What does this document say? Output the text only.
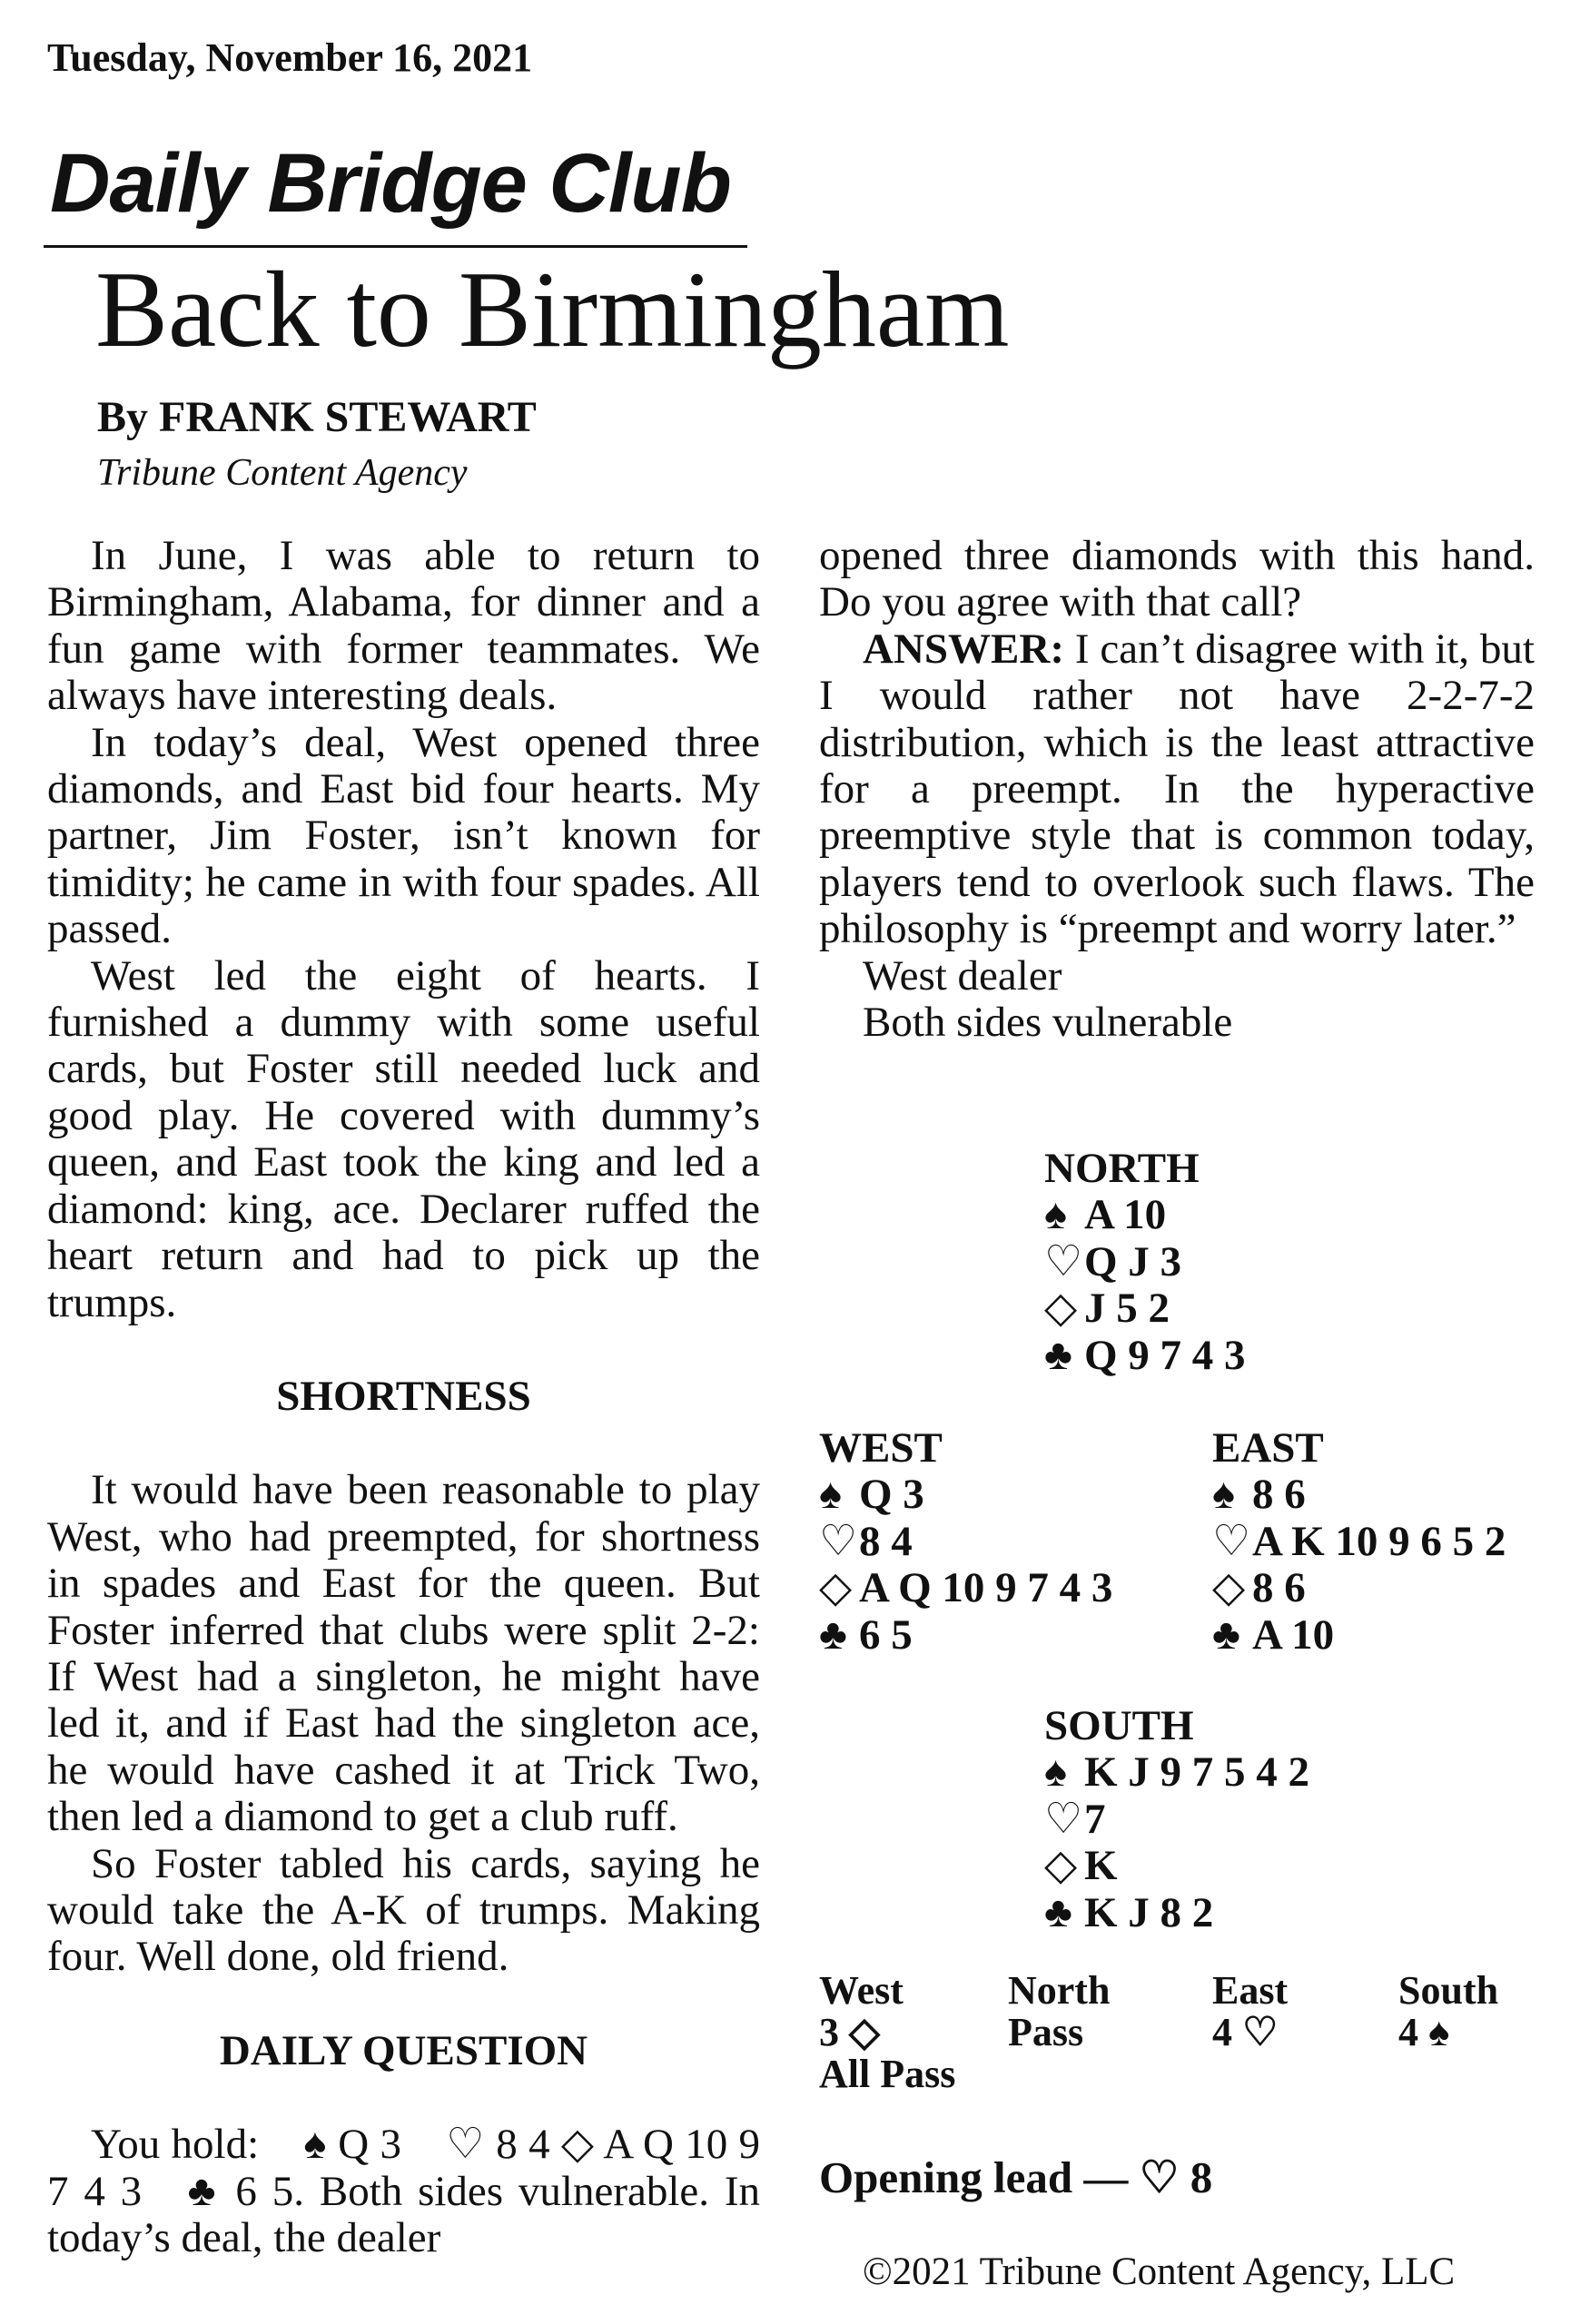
Tuesday, November 16, 2021
Daily Bridge Club
Back to Birmingham
By FRANK STEWART
Tribune Content Agency

In June, I was able to return to Birmingham, Alabama, for dinner and a fun game with former teammates. We always have interesting deals.

In today’s deal, West opened three diamonds, and East bid four hearts. My partner, Jim Foster, isn’t known for timidity; he came in with four spades. All passed.

West led the eight of hearts. I furnished a dummy with some useful cards, but Foster still needed luck and good play. He covered with dummy’s queen, and East took the king and led a diamond: king, ace. Declarer ruffed the heart return and had to pick up the trumps.

SHORTNESS

It would have been reasonable to play West, who had preempted, for shortness in spades and East for the queen. But Foster inferred that clubs were split 2-2: If West had a singleton, he might have led it, and if East had the singleton ace, he would have cashed it at Trick Two, then led a diamond to get a club ruff.

So Foster tabled his cards, saying he would take the A-K of trumps. Making four. Well done, old friend.

DAILY QUESTION

You hold: ♠ Q 3 ♡ 8 4 ◇ A Q 10 9 7 4 3 ♣ 6 5. Both sides vulnerable. In today’s deal, the dealer

opened three diamonds with this hand. Do you agree with that call?

ANSWER: I can’t disagree with it, but I would rather not have 2-2-7-2 distribution, which is the least attractive for a preempt. In the hyperactive preemptive style that is common today, players tend to overlook such flaws. The philosophy is “preempt and worry later.”

West dealer

Both sides vulnerable

NORTH
♠ A 10
♡Q J 3
◇ J 5 2
♣ Q 9 7 4 3
WEST
♠ Q 3
♡8 4
◇ A Q 10 9 7 4 3
♣ 6 5
EAST
♠ 8 6
♡A K 10 9 6 5 2
◇ 8 6
♣ A 10
SOUTH
♠ K J 9 7 5 4 2
♡7
◇ K
♣ K J 8 2
West	North	East	South
3 ◇	Pass	4 ♡	4 ♠
All Pass
Opening lead — ♡ 8
©2021 Tribune Content Agency, LLC
